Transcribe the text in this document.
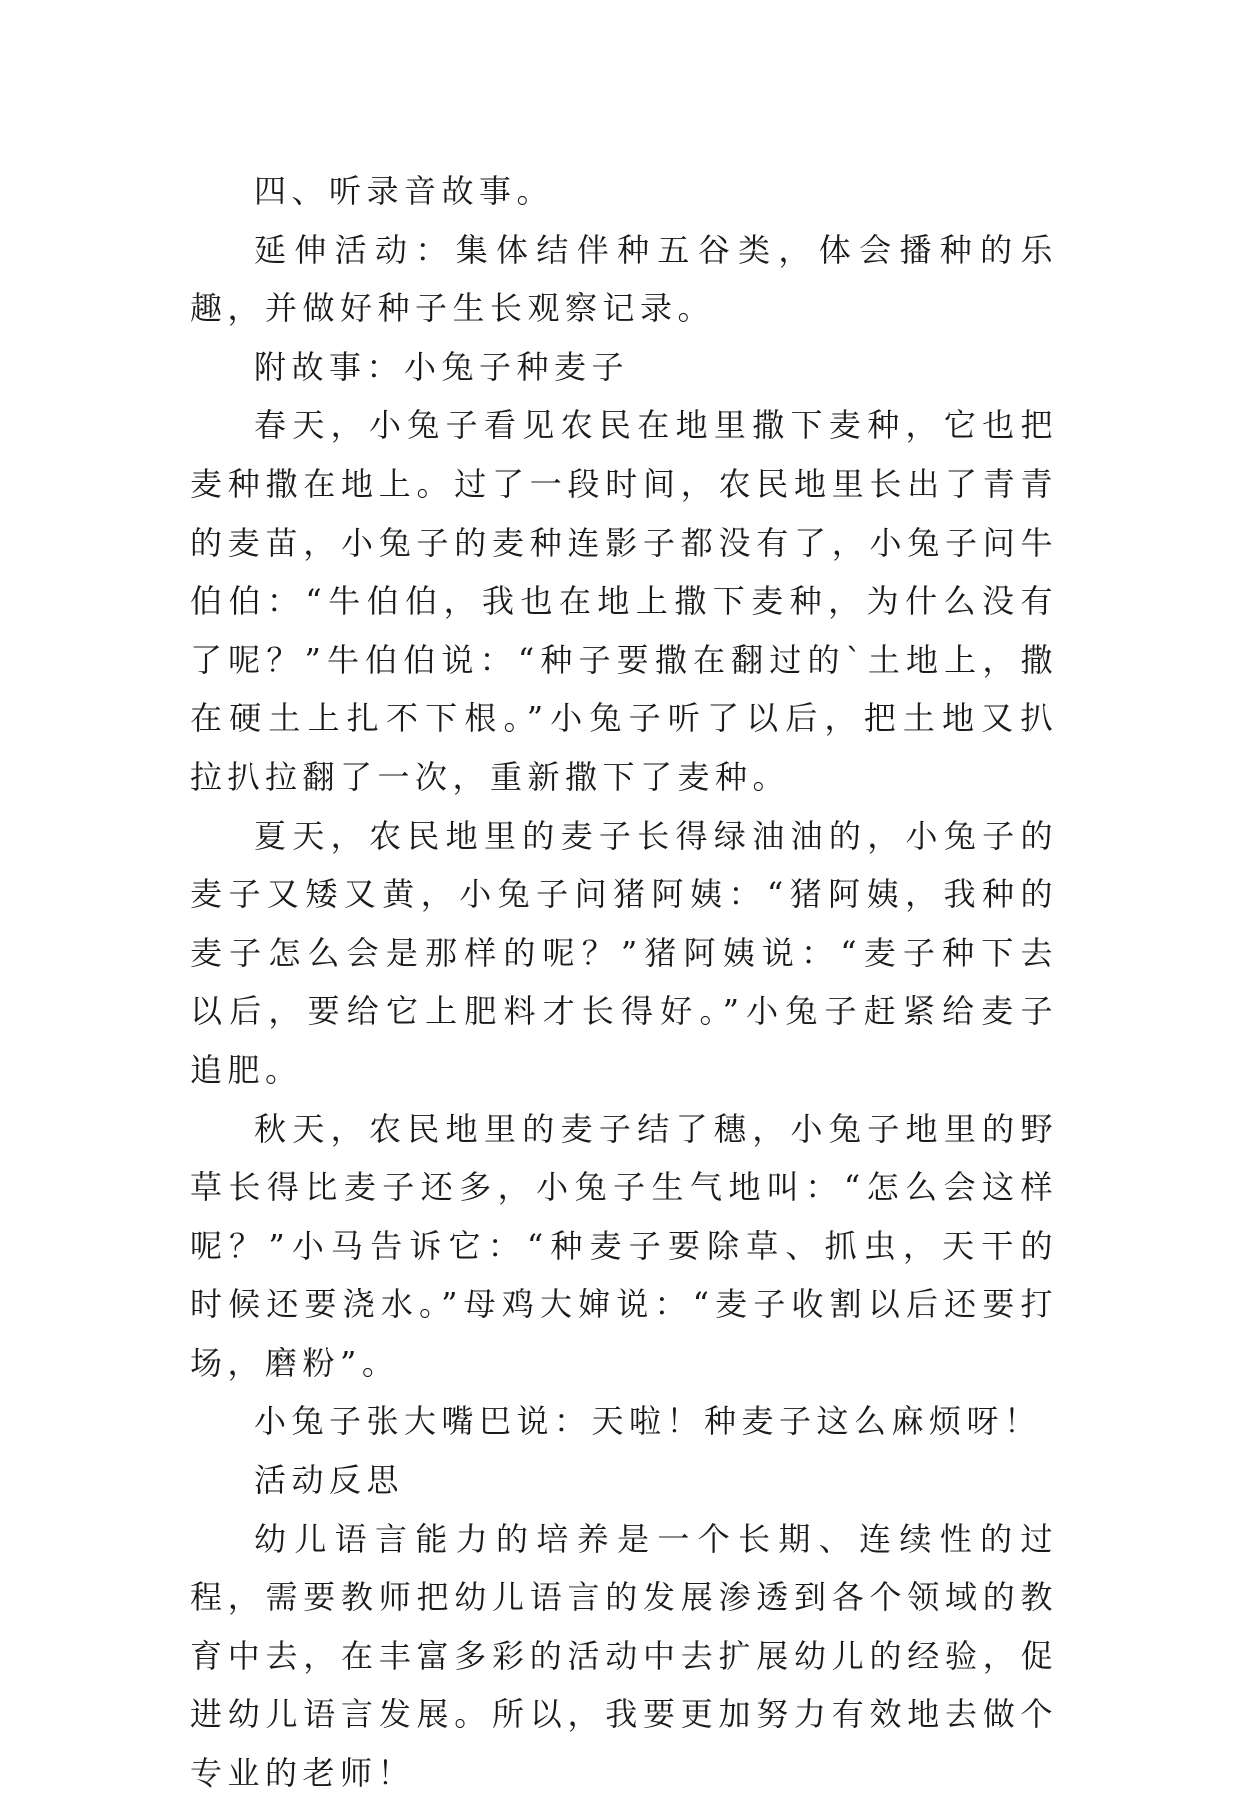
四、听录音故事。

延伸活动：集体结伴种五谷类，体会播种的乐趣，并做好种子生长观察记录。

附故事：小兔子种麦子

春天，小兔子看见农民在地里撒下麦种，它也把麦种撒在地上。过了一段时间，农民地里长出了青青的麦苗，小兔子的麦种连影子都没有了，小兔子问牛伯伯：“牛伯伯，我也在地上撒下麦种，为什么没有了呢？”牛伯伯说：“种子要撒在翻过的`土地上，撒在硬土上扎不下根。”小兔子听了以后，把土地又扒拉扒拉翻了一次，重新撒下了麦种。

夏天，农民地里的麦子长得绿油油的，小兔子的麦子又矮又黄，小兔子问猪阿姨：“猪阿姨，我种的麦子怎么会是那样的呢？”猪阿姨说：“麦子种下去以后，要给它上肥料才长得好。”小兔子赶紧给麦子追肥。

秋天，农民地里的麦子结了穗，小兔子地里的野草长得比麦子还多，小兔子生气地叫：“怎么会这样呢？”小马告诉它：“种麦子要除草、抓虫，天干的时候还要浇水。”母鸡大婶说：“麦子收割以后还要打场，磨粉”。

小兔子张大嘴巴说：天啦！种麦子这么麻烦呀！

活动反思

幼儿语言能力的培养是一个长期、连续性的过程，需要教师把幼儿语言的发展渗透到各个领域的教育中去，在丰富多彩的活动中去扩展幼儿的经验，促进幼儿语言发展。所以，我要更加努力有效地去做个专业的老师！
